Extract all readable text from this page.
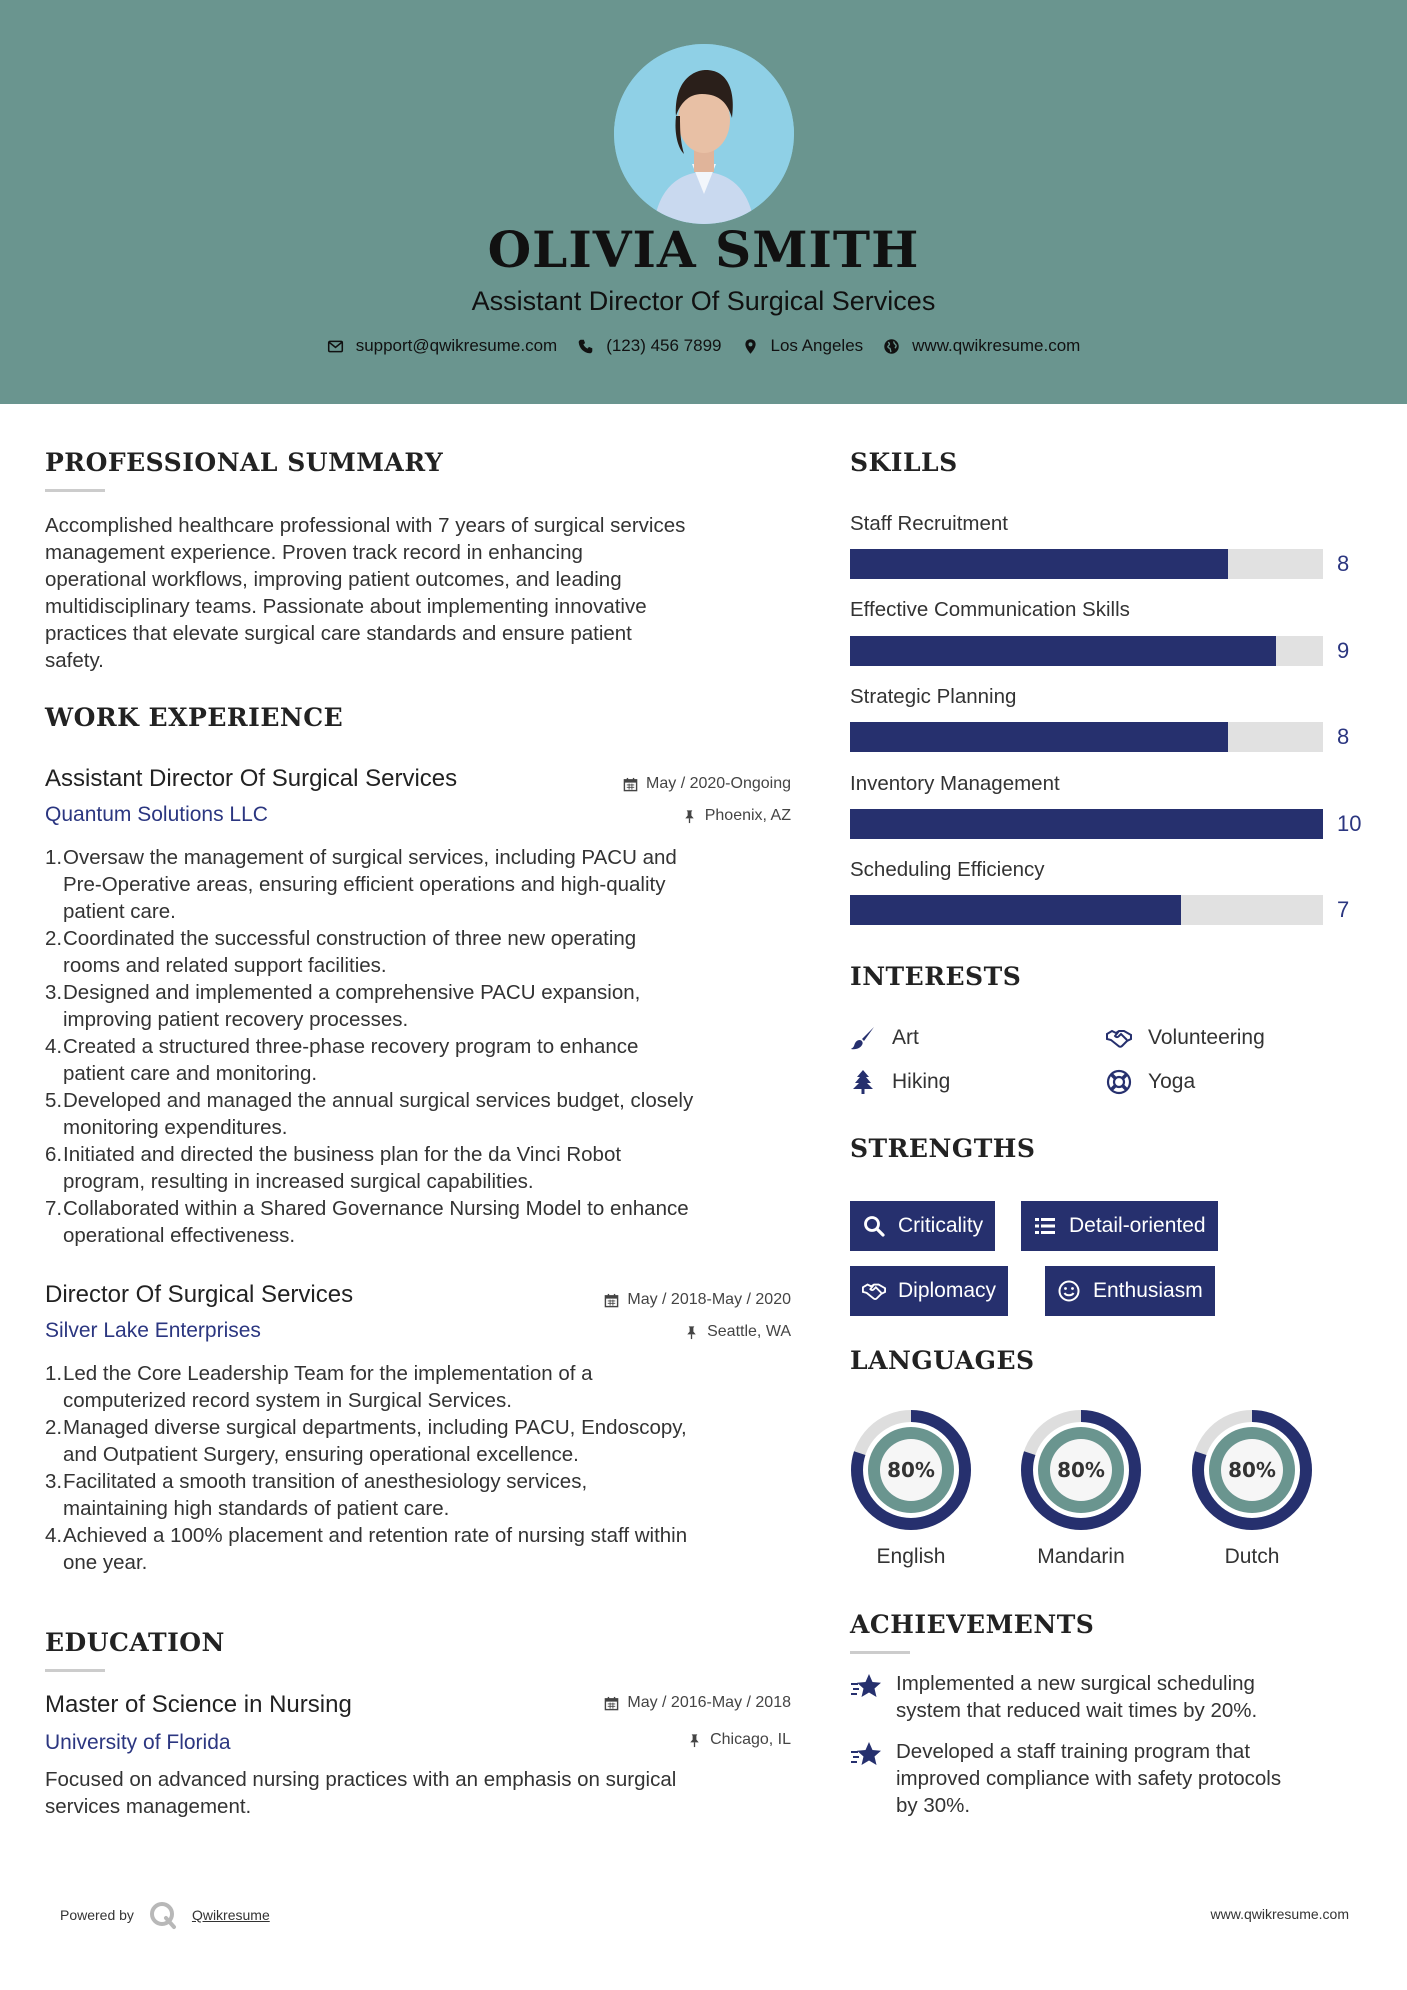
OLIVIA SMITH
Assistant Director Of Surgical Services
support@qwikresume.com	(123) 456 7899	Los Angeles	www.qwikresume.com
PROFESSIONAL SUMMARY
Accomplished healthcare professional with 7 years of surgical services
management experience. Proven track record in enhancing
operational workflows, improving patient outcomes, and leading
multidisciplinary teams. Passionate about implementing innovative
practices that elevate surgical care standards and ensure patient
safety.
WORK EXPERIENCE
Assistant Director Of Surgical Services	May / 2020-Ongoing
Quantum Solutions LLC	Phoenix, AZ
1. Oversaw the management of surgical services, including PACU and
Pre-Operative areas, ensuring efficient operations and high-quality
patient care.
2. Coordinated the successful construction of three new operating
rooms and related support facilities.
3. Designed and implemented a comprehensive PACU expansion,
improving patient recovery processes.
4. Created a structured three-phase recovery program to enhance
patient care and monitoring.
5. Developed and managed the annual surgical services budget, closely
monitoring expenditures.
6. Initiated and directed the business plan for the da Vinci Robot
program, resulting in increased surgical capabilities.
7. Collaborated within a Shared Governance Nursing Model to enhance
operational effectiveness.
Director Of Surgical Services	May / 2018-May / 2020
Silver Lake Enterprises	Seattle, WA
1. Led the Core Leadership Team for the implementation of a
computerized record system in Surgical Services.
2. Managed diverse surgical departments, including PACU, Endoscopy,
and Outpatient Surgery, ensuring operational excellence.
3. Facilitated a smooth transition of anesthesiology services,
maintaining high standards of patient care.
4. Achieved a 100% placement and retention rate of nursing staff within
one year.
EDUCATION
Master of Science in Nursing	May / 2016-May / 2018
University of Florida	Chicago, IL
Focused on advanced nursing practices with an emphasis on surgical
services management.
SKILLS
Staff Recruitment
8
Effective Communication Skills
9
Strategic Planning
8
Inventory Management
10
Scheduling Efficiency
7
INTERESTS
Art	Volunteering
Hiking	Yoga
STRENGTHS
Criticality	Detail-oriented
Diplomacy	Enthusiasm
LANGUAGES
80%
English
80%
Mandarin
80%
Dutch
ACHIEVEMENTS
Implemented a new surgical scheduling
system that reduced wait times by 20%.
Developed a staff training program that
improved compliance with safety protocols
by 30%.
Powered by	Qwikresume	www.qwikresume.com
